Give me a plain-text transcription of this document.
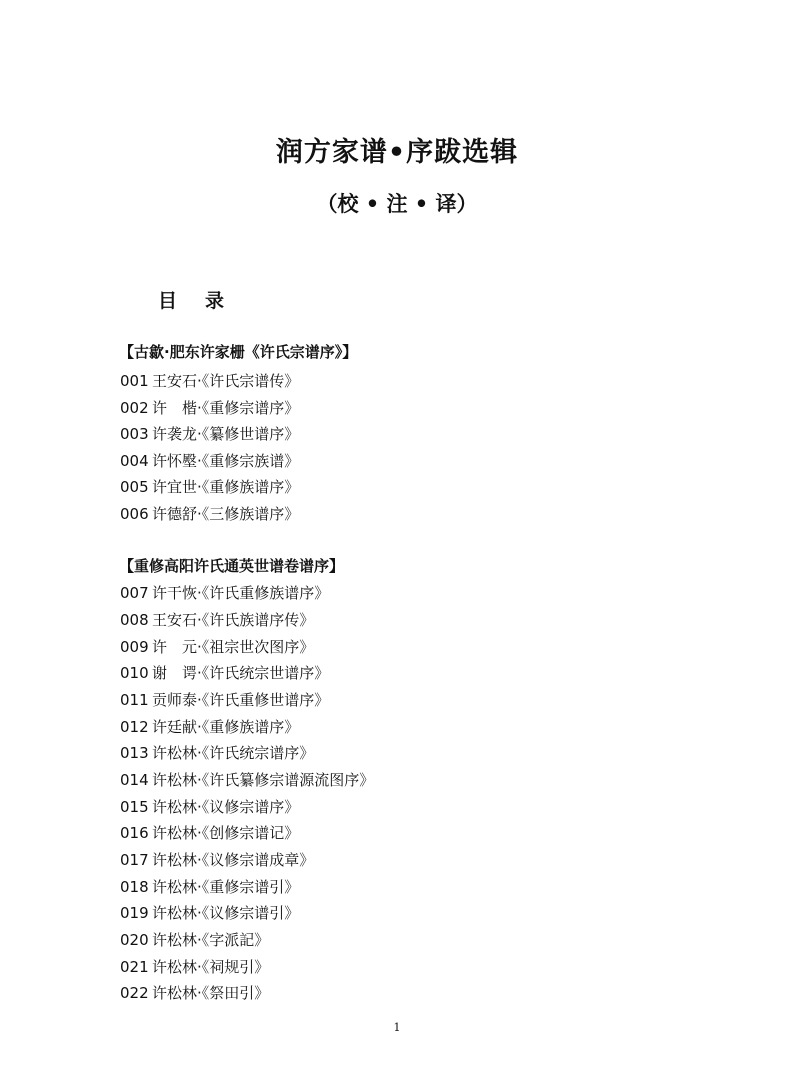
润方家谱•序跋选辑
（校 • 注 • 译）
目 录
【古歙·肥东许家栅《许氏宗谱序》】
001 王安石·《许氏宗谱传》
002 许　楷·《重修宗谱序》
003 许袭龙·《纂修世谱序》
004 许怀壂·《重修宗族谱》
005 许宜世·《重修族谱序》
006 许德舒·《三修族谱序》
【重修高阳许氏通英世谱卷谱序】
007 许干恢·《许氏重修族谱序》
008 王安石·《许氏族谱序传》
009 许　元·《祖宗世次图序》
010 谢　谔·《许氏统宗世谱序》
011 贡师泰·《许氏重修世谱序》
012 许廷献·《重修族谱序》
013 许松林·《许氏统宗谱序》
014 许松林·《许氏纂修宗谱源流图序》
015 许松林·《议修宗谱序》
016 许松林·《创修宗谱记》
017 许松林·《议修宗谱成章》
018 许松林·《重修宗谱引》
019 许松林·《议修宗谱引》
020 许松林·《字派記》
021 许松林·《祠规引》
022 许松林·《祭田引》
1
